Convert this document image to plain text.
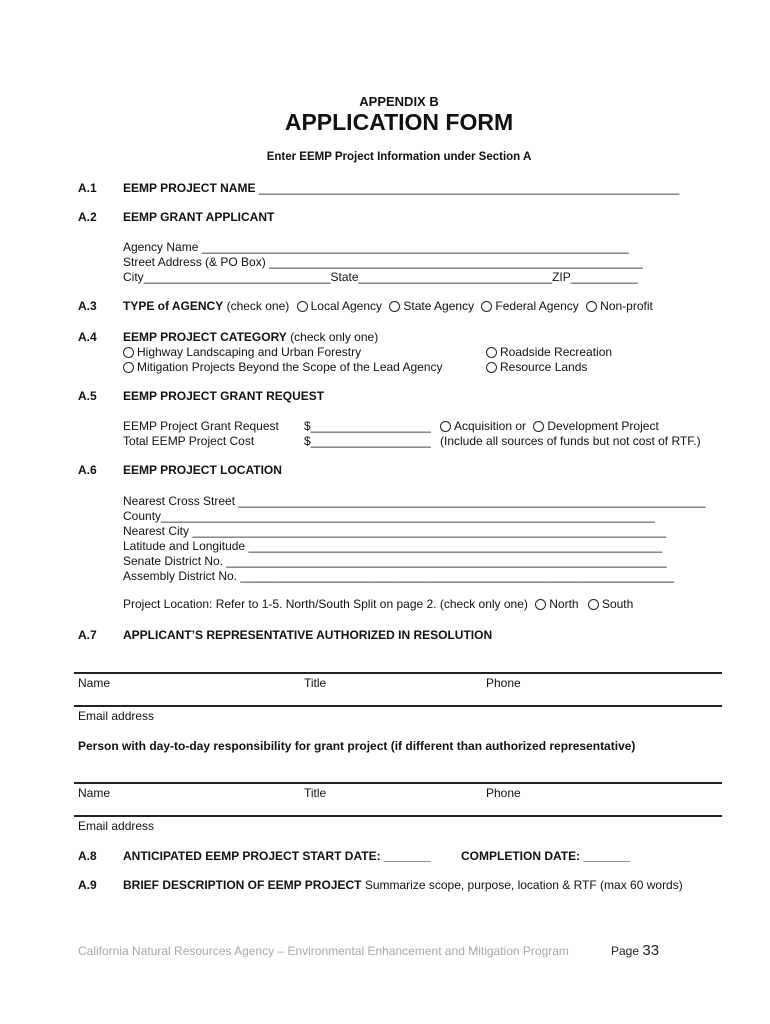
APPENDIX B
APPLICATION FORM
Enter EEMP Project Information under Section A
A.1 EEMP PROJECT NAME _______________________________________________________________
A.2 EEMP GRANT APPLICANT
Agency Name ________________________________________________________________
Street Address (& PO Box) ________________________________________________________
City____________________________State_____________________________ZIP__________
A.3 TYPE of AGENCY (check one) Local Agency State Agency Federal Agency Non-profit
A.4 EEMP PROJECT CATEGORY (check only one)
Highway Landscaping and Urban Forestry	Roadside Recreation
Mitigation Projects Beyond the Scope of the Lead Agency	Resource Lands
A.5 EEMP PROJECT GRANT REQUEST
EEMP Project Grant Request $__________________	Acquisition or Development Project
Total EEMP Project Cost	$__________________ (Include all sources of funds but not cost of RTF.)
A.6 EEMP PROJECT LOCATION
Nearest Cross Street ______________________________________________________________________
County__________________________________________________________________________
Nearest City _______________________________________________________________________
Latitude and Longitude ______________________________________________________________
Senate District No. __________________________________________________________________
Assembly District No. _________________________________________________________________
Project Location: Refer to 1-5. North/South Split on page 2. (check only one) North South
A.7 APPLICANT’S REPRESENTATIVE AUTHORIZED IN RESOLUTION
Name	Title	Phone
Email address
Person with day-to-day responsibility for grant project (if different than authorized representative)
Name	Title	Phone
Email address
A.8 ANTICIPATED EEMP PROJECT START DATE: _______	COMPLETION DATE: _______
A.9 BRIEF DESCRIPTION OF EEMP PROJECT Summarize scope, purpose, location & RTF (max 60 words)
California Natural Resources Agency – Environmental Enhancement and Mitigation Program	Page 33
